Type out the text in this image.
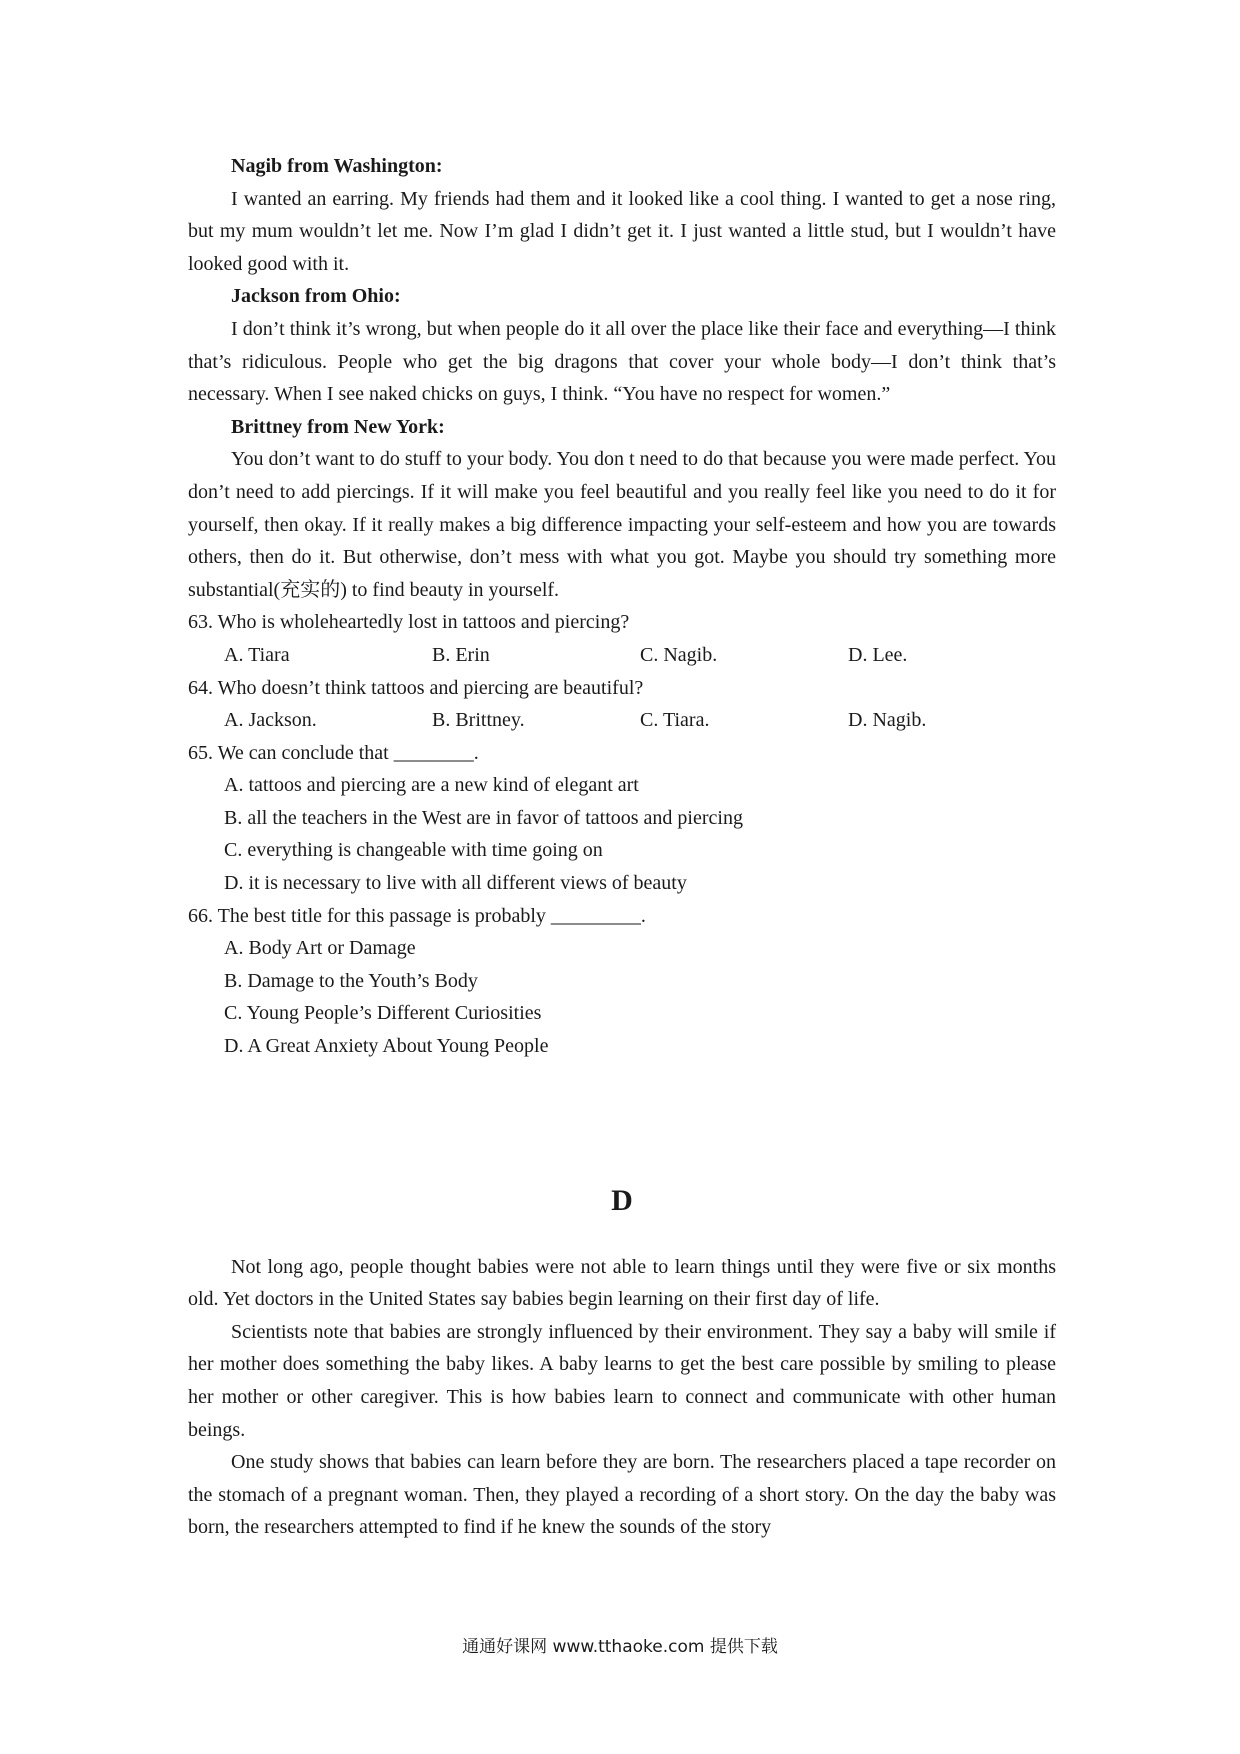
Nagib from Washington:

I wanted an earring. My friends had them and it looked like a cool thing. I wanted to get a nose ring, but my mum wouldn’t let me. Now I’m glad I didn’t get it. I just wanted a little stud, but I wouldn’t have looked good with it.

Jackson from Ohio:

I don’t think it’s wrong, but when people do it all over the place like their face and everything—I think that’s ridiculous. People who get the big dragons that cover your whole body—I don’t think that’s necessary. When I see naked chicks on guys, I think. “You have no respect for women.”

Brittney from New York:

You don’t want to do stuff to your body. You don t need to do that because you were made perfect. You don’t need to add piercings. If it will make you feel beautiful and you really feel like you need to do it for yourself, then okay. If it really makes a big difference impacting your self-esteem and how you are towards others, then do it. But otherwise, don’t mess with what you got. Maybe you should try something more substantial(充实的) to find beauty in yourself.

63. Who is wholeheartedly lost in tattoos and piercing?

A. Tiara	B. Erin	C. Nagib.	D. Lee.

64. Who doesn’t think tattoos and piercing are beautiful?

A. Jackson.	B. Brittney.	C. Tiara.	D. Nagib.

65. We can conclude that ________.

A. tattoos and piercing are a new kind of elegant art

B. all the teachers in the West are in favor of tattoos and piercing

C. everything is changeable with time going on

D. it is necessary to live with all different views of beauty

66. The best title for this passage is probably _________.

A. Body Art or Damage

B. Damage to the Youth’s Body

C. Young People’s Different Curiosities

D. A Great Anxiety About Young People

D

Not long ago, people thought babies were not able to learn things until they were five or six months old. Yet doctors in the United States say babies begin learning on their first day of life.

Scientists note that babies are strongly influenced by their environment. They say a baby will smile if her mother does something the baby likes. A baby learns to get the best care possible by smiling to please her mother or other caregiver. This is how babies learn to connect and communicate with other human beings.

One study shows that babies can learn before they are born. The researchers placed a tape recorder on the stomach of a pregnant woman. Then, they played a recording of a short story. On the day the baby was born, the researchers attempted to find if he knew the sounds of the story

通通好课网 www.tthaoke.com 提供下载
